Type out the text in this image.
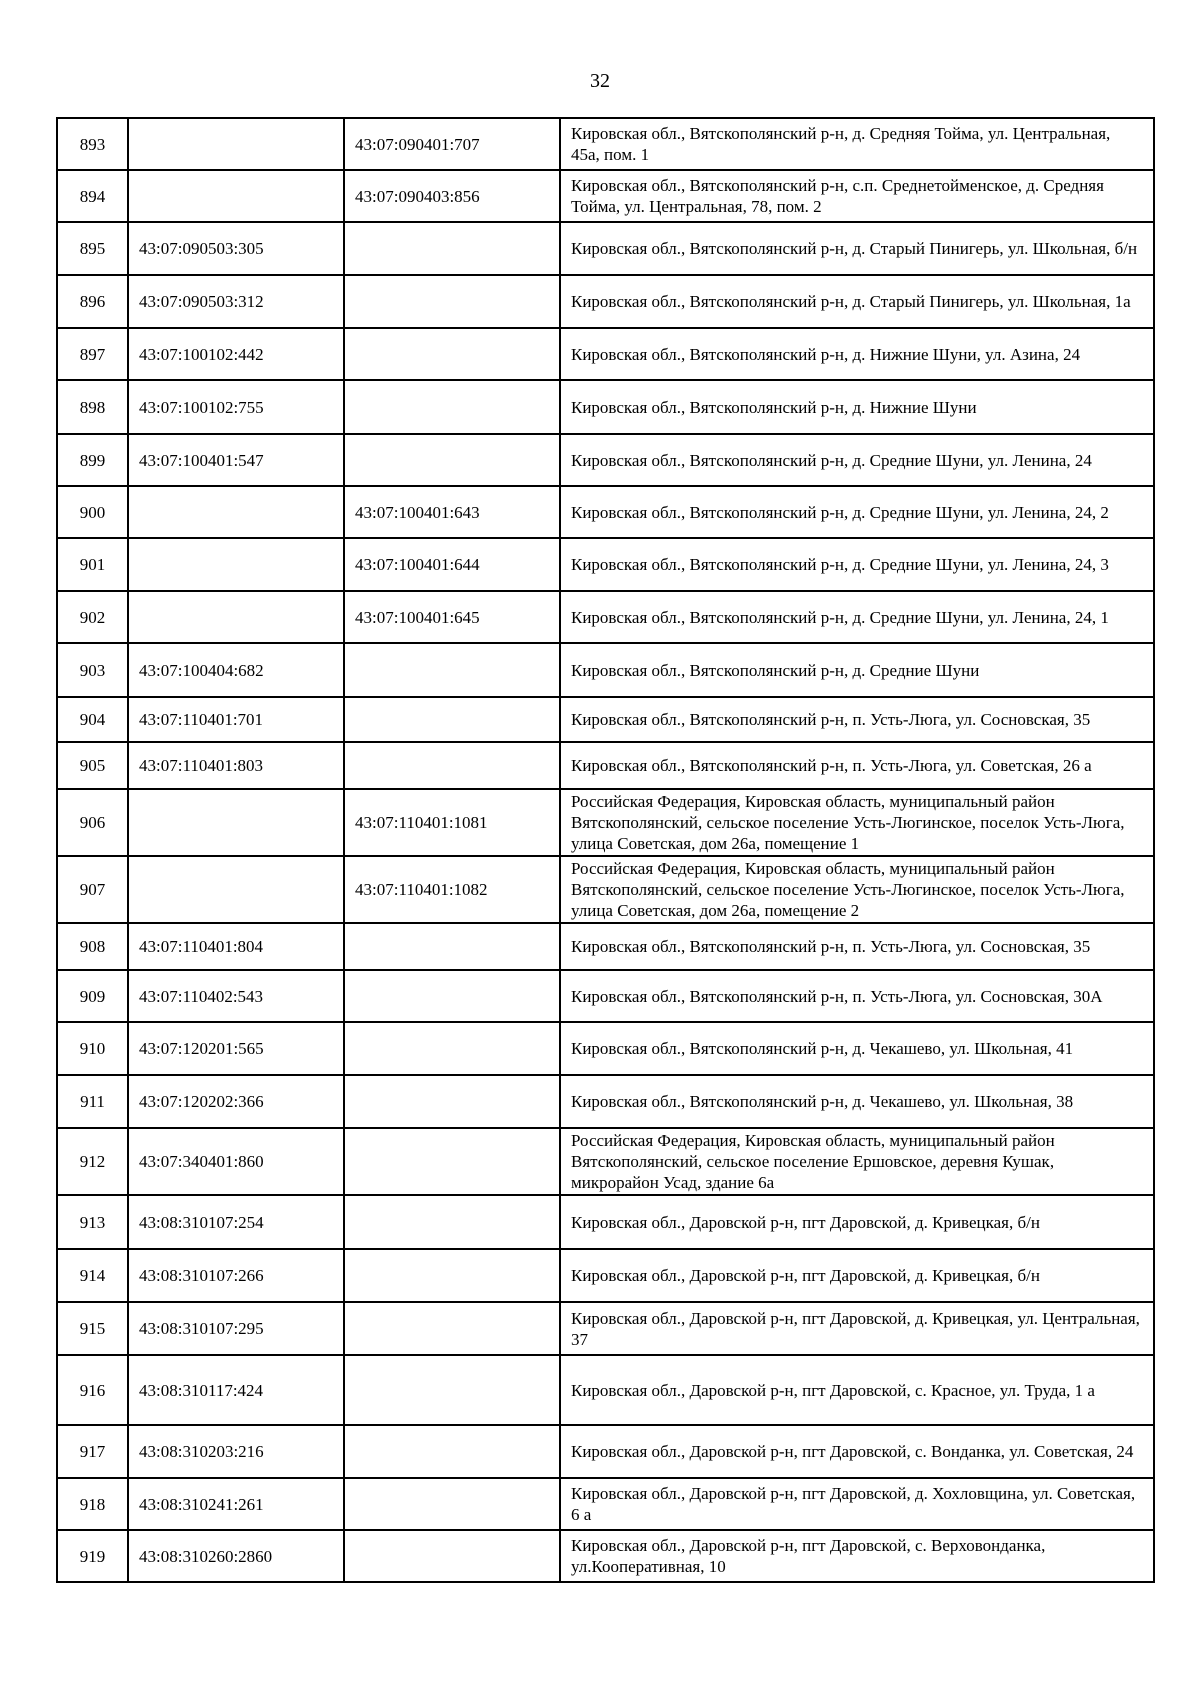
32
893		43:07:090401:707	Кировская обл., Вятскополянский р-н, д. Средняя Тойма, ул. Центральная, 45а, пом. 1
894		43:07:090403:856	Кировская обл., Вятскополянский р-н, с.п. Среднетойменское, д. Средняя Тойма, ул. Центральная, 78, пом. 2
895	43:07:090503:305		Кировская обл., Вятскополянский р-н, д. Старый Пинигерь, ул. Школьная, б/н
896	43:07:090503:312		Кировская обл., Вятскополянский р-н, д. Старый Пинигерь, ул. Школьная, 1а
897	43:07:100102:442		Кировская обл., Вятскополянский р-н, д. Нижние Шуни, ул. Азина, 24
898	43:07:100102:755		Кировская обл., Вятскополянский р-н, д. Нижние Шуни
899	43:07:100401:547		Кировская обл., Вятскополянский р-н, д. Средние Шуни, ул. Ленина, 24
900		43:07:100401:643	Кировская обл., Вятскополянский р-н, д. Средние Шуни, ул. Ленина, 24, 2
901		43:07:100401:644	Кировская обл., Вятскополянский р-н, д. Средние Шуни, ул. Ленина, 24, 3
902		43:07:100401:645	Кировская обл., Вятскополянский р-н, д. Средние Шуни, ул. Ленина, 24, 1
903	43:07:100404:682		Кировская обл., Вятскополянский р-н, д. Средние Шуни
904	43:07:110401:701		Кировская обл., Вятскополянский р-н, п. Усть-Люга, ул. Сосновская, 35
905	43:07:110401:803		Кировская обл., Вятскополянский р-н, п. Усть-Люга, ул. Советская, 26 а
906		43:07:110401:1081	Российская Федерация, Кировская область, муниципальный район Вятскополянский, сельское поселение Усть-Люгинское, поселок Усть-Люга, улица Советская, дом 26а, помещение 1
907		43:07:110401:1082	Российская Федерация, Кировская область, муниципальный район Вятскополянский, сельское поселение Усть-Люгинское, поселок Усть-Люга, улица Советская, дом 26а, помещение 2
908	43:07:110401:804		Кировская обл., Вятскополянский р-н, п. Усть-Люга, ул. Сосновская, 35
909	43:07:110402:543		Кировская обл., Вятскополянский р-н, п. Усть-Люга, ул. Сосновская, 30А
910	43:07:120201:565		Кировская обл., Вятскополянский р-н, д. Чекашево, ул. Школьная, 41
911	43:07:120202:366		Кировская обл., Вятскополянский р-н, д. Чекашево, ул. Школьная, 38
912	43:07:340401:860		Российская Федерация, Кировская область, муниципальный район Вятскополянский, сельское поселение Ершовское, деревня Кушак, микрорайон Усад, здание 6а
913	43:08:310107:254		Кировская обл., Даровской р-н, пгт Даровской, д. Кривецкая, б/н
914	43:08:310107:266		Кировская обл., Даровской р-н, пгт Даровской, д. Кривецкая, б/н
915	43:08:310107:295		Кировская обл., Даровской р-н, пгт Даровской, д. Кривецкая, ул. Центральная, 37
916	43:08:310117:424		Кировская обл., Даровской р-н, пгт Даровской, с. Красное, ул. Труда, 1 а
917	43:08:310203:216		Кировская обл., Даровской р-н, пгт Даровской, с. Вонданка, ул. Советская, 24
918	43:08:310241:261		Кировская обл., Даровской р-н, пгт Даровской, д. Хохловщина, ул. Советская, 6 а
919	43:08:310260:2860		Кировская обл., Даровской р-н, пгт Даровской, с. Верховонданка, ул.Кооперативная, 10
